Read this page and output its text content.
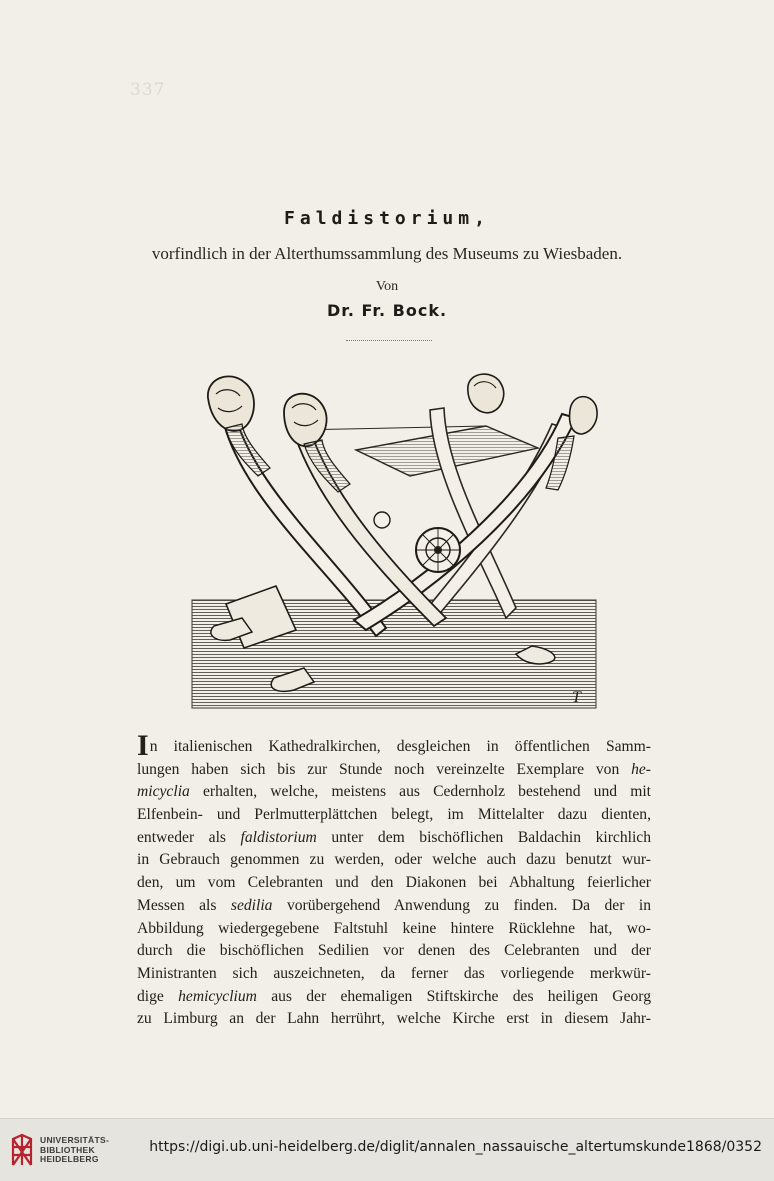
337

Faldistorium,

vorfindlich in der Alterthumssammlung des Museums zu Wiesbaden.

Von

Dr. Fr. Bock.

T
In italienischen Kathedralkirchen, desgleichen in öffentlichen Samm-
lungen haben sich bis zur Stunde noch vereinzelte Exemplare von he-
micyclia erhalten, welche, meistens aus Cedernholz bestehend und mit
Elfenbein- und Perlmutterplättchen belegt, im Mittelalter dazu dienten,
entweder als faldistorium unter dem bischöflichen Baldachin kirchlich
in Gebrauch genommen zu werden, oder welche auch dazu benutzt wur-
den, um vom Celebranten und den Diakonen bei Abhaltung feierlicher
Messen als sedilia vorübergehend Anwendung zu finden. Da der in
Abbildung wiedergegebene Faltstuhl keine hintere Rücklehne hat, wo-
durch die bischöflichen Sedilien vor denen des Celebranten und der
Ministranten sich auszeichneten, da ferner das vorliegende merkwür-
dige hemicyclium aus der ehemaligen Stiftskirche des heiligen Georg
zu Limburg an der Lahn herrührt, welche Kirche erst in diesem Jahr-
UNIVERSITÄTS-
BIBLIOTHEK
HEIDELBERG
https://digi.ub.uni-heidelberg.de/diglit/annalen_nassauische_altertumskunde1868/0352
